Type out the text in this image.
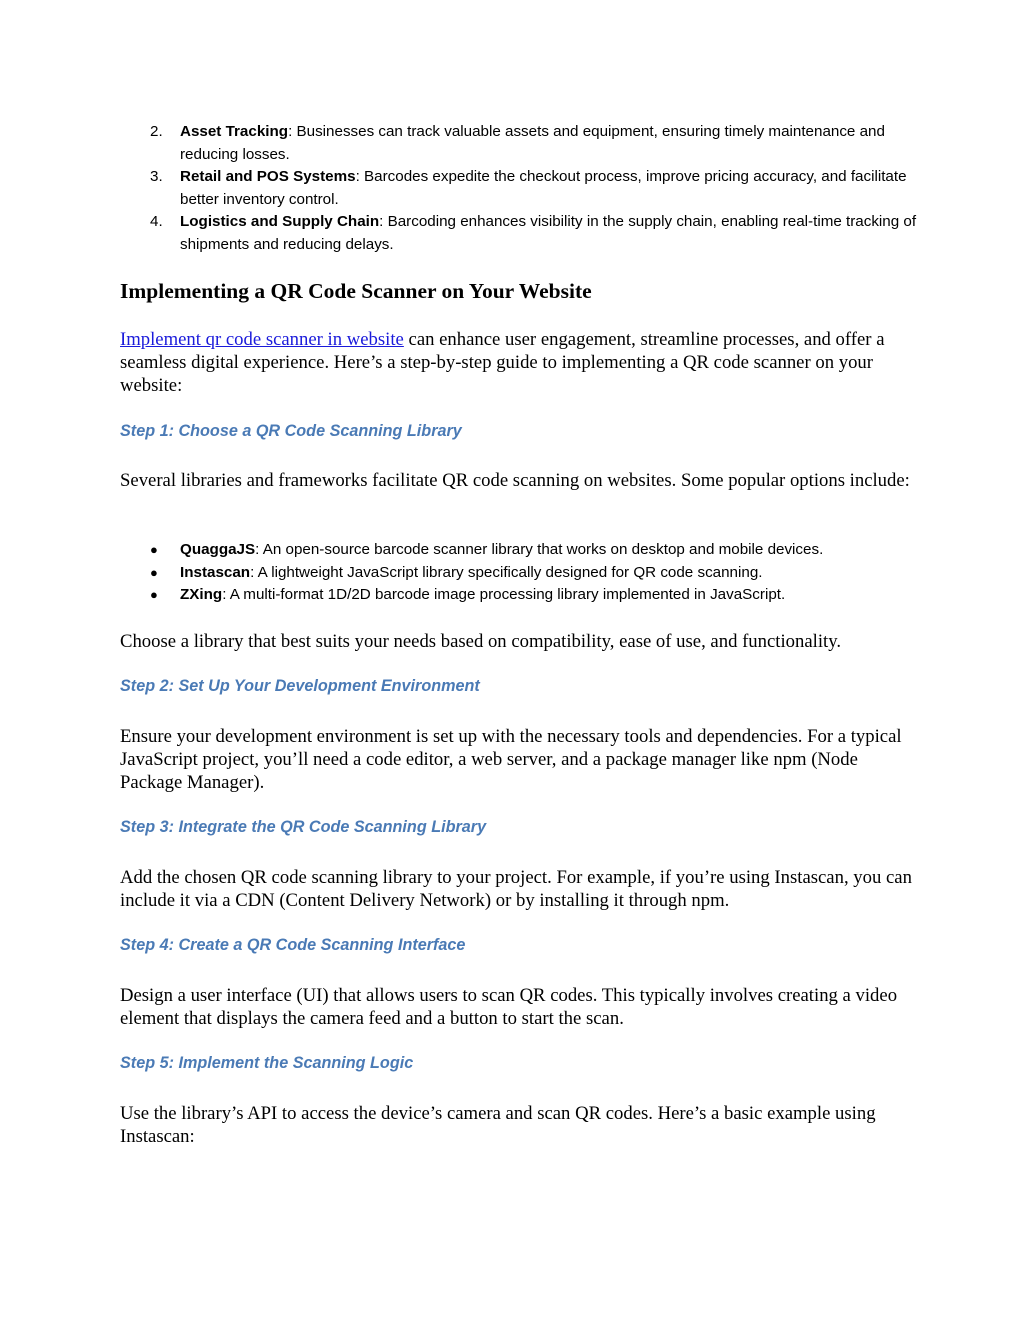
2.	Asset Tracking: Businesses can track valuable assets and equipment, ensuring timely maintenance and reducing losses.
3.	Retail and POS Systems: Barcodes expedite the checkout process, improve pricing accuracy, and facilitate better inventory control.
4.	Logistics and Supply Chain: Barcoding enhances visibility in the supply chain, enabling real-time tracking of shipments and reducing delays.
Implementing a QR Code Scanner on Your Website
Implement qr code scanner in website can enhance user engagement, streamline processes, and offer a seamless digital experience. Here’s a step-by-step guide to implementing a QR code scanner on your website:
Step 1: Choose a QR Code Scanning Library
Several libraries and frameworks facilitate QR code scanning on websites. Some popular options include:
●	QuaggaJS: An open-source barcode scanner library that works on desktop and mobile devices.
●	Instascan: A lightweight JavaScript library specifically designed for QR code scanning.
●	ZXing: A multi-format 1D/2D barcode image processing library implemented in JavaScript.
Choose a library that best suits your needs based on compatibility, ease of use, and functionality.
Step 2: Set Up Your Development Environment
Ensure your development environment is set up with the necessary tools and dependencies. For a typical JavaScript project, you’ll need a code editor, a web server, and a package manager like npm (Node Package Manager).
Step 3: Integrate the QR Code Scanning Library
Add the chosen QR code scanning library to your project. For example, if you’re using Instascan, you can include it via a CDN (Content Delivery Network) or by installing it through npm.
Step 4: Create a QR Code Scanning Interface
Design a user interface (UI) that allows users to scan QR codes. This typically involves creating a video element that displays the camera feed and a button to start the scan.
Step 5: Implement the Scanning Logic
Use the library’s API to access the device’s camera and scan QR codes. Here’s a basic example using Instascan:
